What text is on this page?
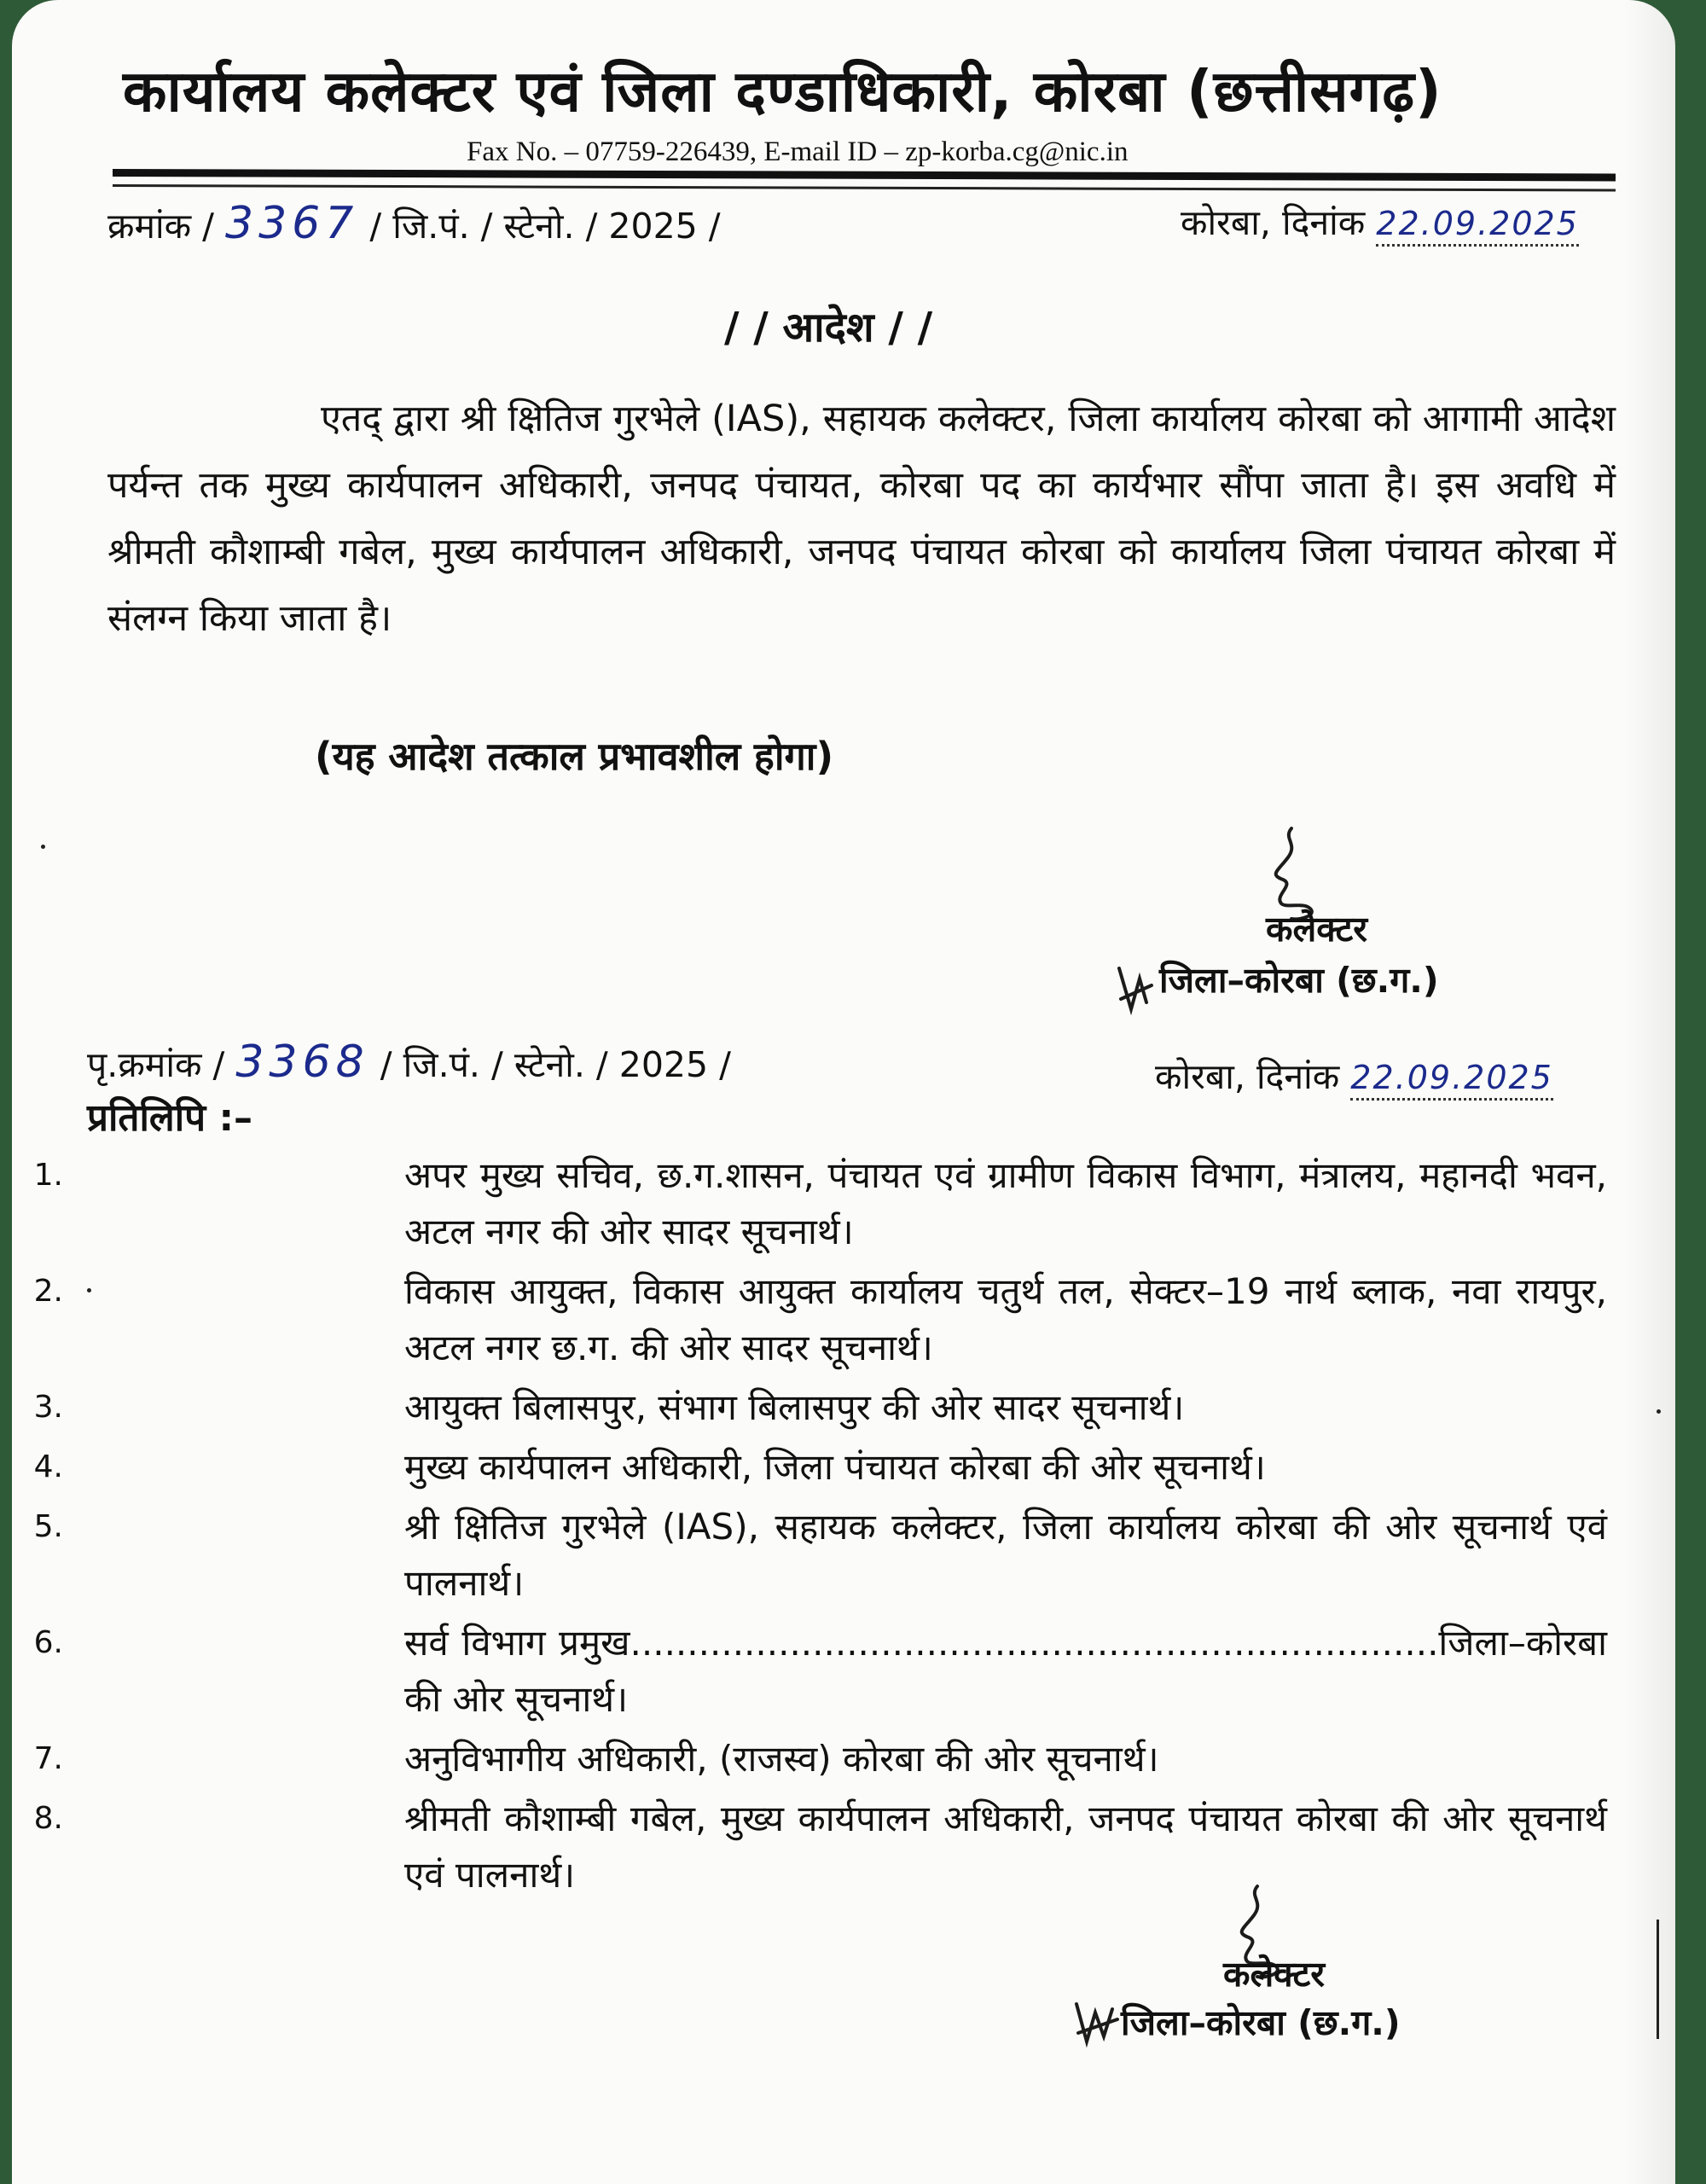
कार्यालय कलेक्टर एवं जिला दण्डाधिकारी, कोरबा (छत्तीसगढ़)
Fax No. – 07759-226439, E-mail ID – zp-korba.cg@nic.in
क्रमांक / 3367 / जि.पं. / स्टेनो. / 2025 /	कोरबा, दिनांक 22.09.2025
/ / आदेश / /

एतद् द्वारा श्री क्षितिज गुरभेले (IAS), सहायक कलेक्टर, जिला कार्यालय कोरबा को आगामी आदेश पर्यन्त तक मुख्य कार्यपालन अधिकारी, जनपद पंचायत, कोरबा पद का कार्यभार सौंपा जाता है। इस अवधि में श्रीमती कौशाम्बी गबेल, मुख्य कार्यपालन अधिकारी, जनपद पंचायत कोरबा को कार्यालय जिला पंचायत कोरबा में संलग्न किया जाता है।

(यह आदेश तत्काल प्रभावशील होगा)
कलेक्टर
जिला–कोरबा (छ.ग.)
पृ.क्रमांक / 3368 / जि.पं. / स्टेनो. / 2025 /	कोरबा, दिनांक 22.09.2025
प्रतिलिपि :–
1.	अपर मुख्य सचिव, छ.ग.शासन, पंचायत एवं ग्रामीण विकास विभाग, मंत्रालय, महानदी भवन, अटल नगर की ओर सादर सूचनार्थ।
2.	विकास आयुक्त, विकास आयुक्त कार्यालय चतुर्थ तल, सेक्टर–19 नार्थ ब्लाक, नवा रायपुर, अटल नगर छ.ग. की ओर सादर सूचनार्थ।
3.	आयुक्त बिलासपुर, संभाग बिलासपुर की ओर सादर सूचनार्थ।
4.	मुख्य कार्यपालन अधिकारी, जिला पंचायत कोरबा की ओर सूचनार्थ।
5.	श्री क्षितिज गुरभेले (IAS), सहायक कलेक्टर, जिला कार्यालय कोरबा की ओर सूचनार्थ एवं पालनार्थ।
6.	सर्व विभाग प्रमुख.......................................................................जिला–कोरबा की ओर सूचनार्थ।
7.	अनुविभागीय अधिकारी, (राजस्व) कोरबा की ओर सूचनार्थ।
8.	श्रीमती कौशाम्बी गबेल, मुख्य कार्यपालन अधिकारी, जनपद पंचायत कोरबा की ओर सूचनार्थ एवं पालनार्थ।
कलेक्टर
जिला–कोरबा (छ.ग.)
